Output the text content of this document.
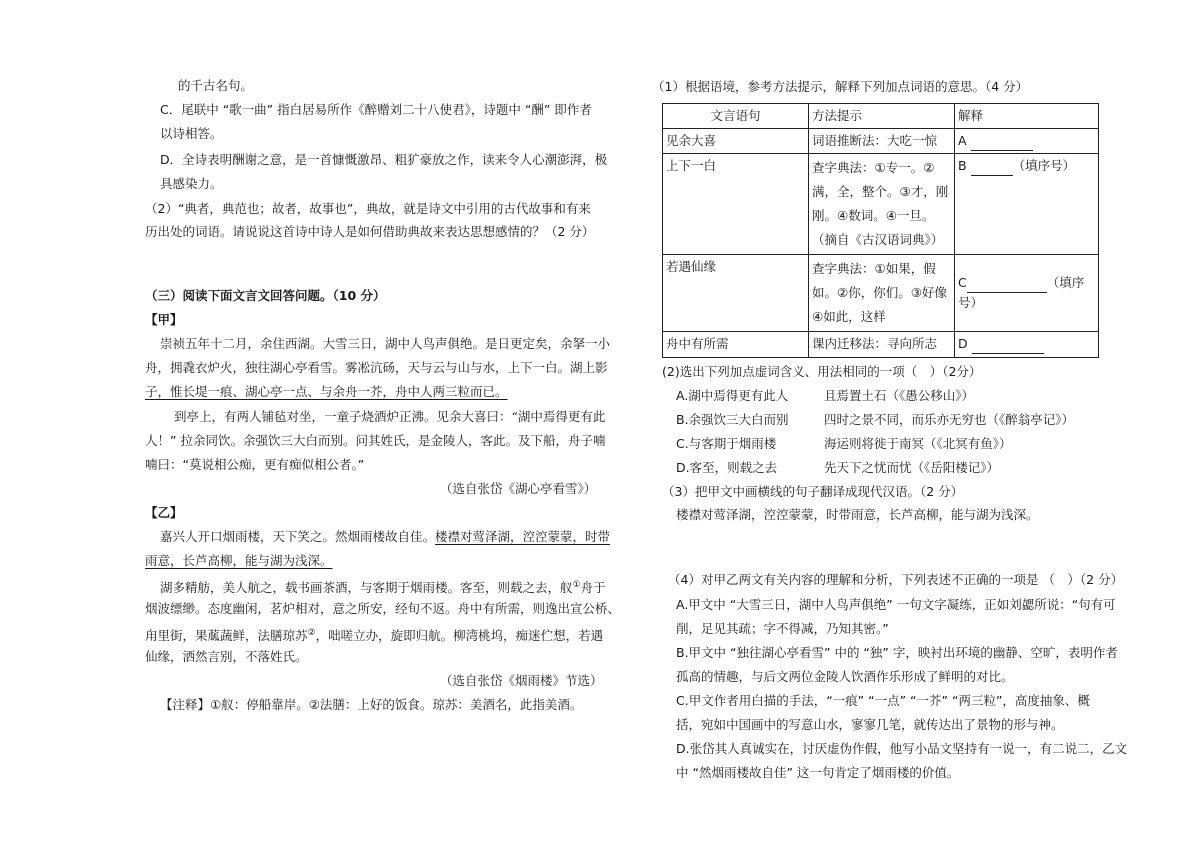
的千古名句。
C．尾联中 “歌一曲” 指白居易所作《醉赠刘二十八使君》，诗题中 “酬” 即作者
以诗相答。
D．全诗表明酬谢之意，是一首慷慨激昂、粗犷豪放之作，读来令人心潮澎湃，极
具感染力。
（2）“典者，典范也；故者，故事也”，典故，就是诗文中引用的古代故事和有来
历出处的词语。请说说这首诗中诗人是如何借助典故来表达思想感情的？（2 分）
（三）阅读下面文言文回答问题。（10 分）
【甲】
崇祯五年十二月，余住西湖。大雪三日，湖中人鸟声俱绝。是日更定矣，余拏一小
舟，拥毳衣炉火，独往湖心亭看雪。雾凇沆砀，天与云与山与水，上下一白。湖上影
子，惟长堤一痕、湖心亭一点、与余舟一芥，舟中人两三粒而已。
到亭上，有两人铺毡对坐，一童子烧酒炉正沸。见余大喜曰：“湖中焉得更有此
人！” 拉余同饮。余强饮三大白而别。问其姓氏，是金陵人，客此。及下船，舟子喃
喃曰：“莫说相公痴，更有痴似相公者。”
（选自张岱《湖心亭看雪》）
【乙】
嘉兴人开口烟雨楼，天下笑之。然烟雨楼故自佳。楼襟对莺泽湖，涳涳蒙蒙，时带
雨意，长芦高柳，能与湖为浅深。
湖多精舫，美人航之，载书画茶酒，与客期于烟雨楼。客至，则载之去，舣①舟于
烟波缥缈。态度幽闲，茗炉相对，意之所安，经旬不返。舟中有所需，则逸出宣公桥、
甪里街，果蓏蔬鲜，法膳琼苏②，咄嗟立办，旋即归航。柳湾桃坞，痴迷伫想，若遇
仙缘，洒然言别，不落姓氏。
（选自张岱《烟雨楼》节选）
【注释】①舣：停船靠岸。②法膳：上好的饭食。琼苏：美酒名，此指美酒。
（1）根据语境，参考方法提示，解释下列加点词语的意思。（4 分）
文言语句	方法提示	解释
见余大喜	词语推断法：大吃一惊	A
上下一白	查字典法：①专一。②满，全，整个。③才，刚刚。④数词。④一旦。（摘自《古汉语词典》）	B （填序号）
若遇仙缘	查字典法：①如果，假如。②你，你们。③好像④如此，这样	C （填序号）
舟中有所需	课内迁移法：寻向所志	D
(2)选出下列加点虚词含义、用法相同的一项（　）（2分）
A.湖中焉得更有此人	且焉置土石（《愚公移山》）
B.余强饮三大白而别	四时之景不同，而乐亦无穷也（《醉翁亭记》）
C.与客期于烟雨楼	海运则将徙于南冥（《北冥有鱼》）
D.客至，则载之去	先天下之忧而忧（《岳阳楼记》）
（3）把甲文中画横线的句子翻译成现代汉语。（2 分）
楼襟对莺泽湖，涳涳蒙蒙，时带雨意，长芦高柳，能与湖为浅深。
（4）对甲乙两文有关内容的理解和分析，下列表述不正确的一项是 （　）（2 分）
A.甲文中 “大雪三日，湖中人鸟声俱绝” 一句文字凝练，正如刘勰所说：“句有可
削，足见其疏；字不得减，乃知其密。”
B.甲文中 “独往湖心亭看雪” 中的 “独” 字，映衬出环境的幽静、空旷，表明作者
孤高的情趣，与后文两位金陵人饮酒作乐形成了鲜明的对比。
C.甲文作者用白描的手法，“一痕” “一点” “一芥” “两三粒”，高度抽象、概
括，宛如中国画中的写意山水，寥寥几笔，就传达出了景物的形与神。
D.张岱其人真诚实在，讨厌虚伪作假，他写小品文坚持有一说一，有二说二，乙文
中 “然烟雨楼故自佳” 这一句肯定了烟雨楼的价值。
